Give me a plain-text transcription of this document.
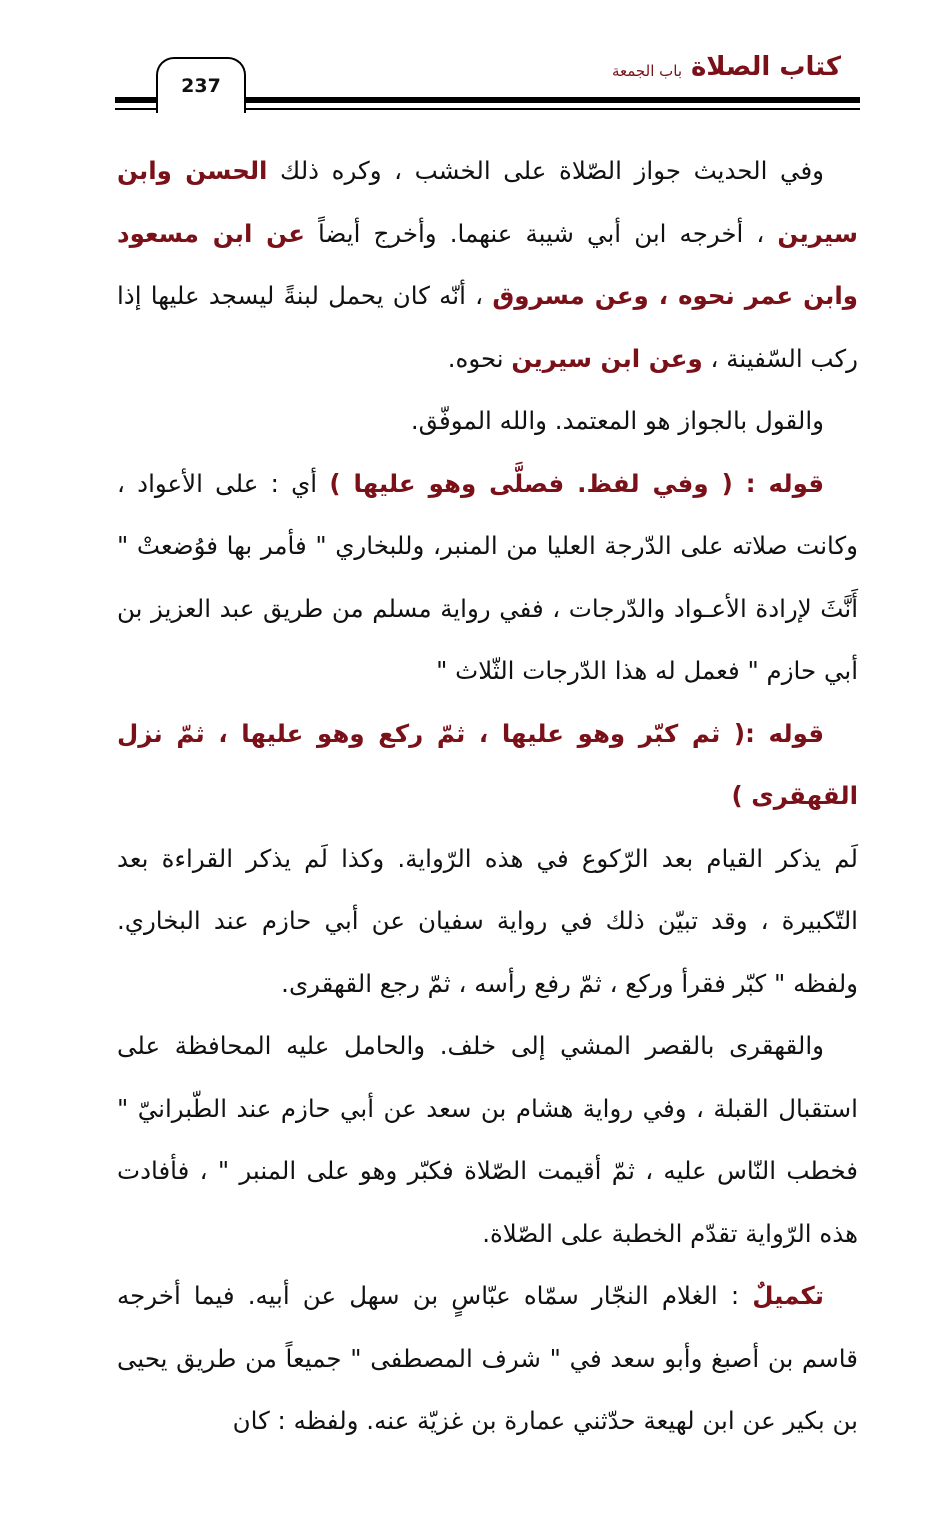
237
كتاب الصلاة
باب الجمعة

وفي الحديث جواز الصّلاة على الخشب ، وكره ذلك الحسن وابن سيرين ، أخرجه ابن أبي شيبة عنهما. وأخرج أيضاً عن ابن مسعود وابن عمر نحوه ، وعن مسروق ، أنّه كان يحمل لبنةً ليسجد عليها إذا ركب السّفينة ، وعن ابن سيرين نحوه.

والقول بالجواز هو المعتمد. والله الموفّق.

قوله : ( وفي لفظ. فصلَّى وهو عليها ) أي : على الأعواد ، وكانت صلاته على الدّرجة العليا من المنبر، وللبخاري " فأمر بها فوُضعتْ " أَنَّثَ لإرادة الأعـواد والدّرجات ، ففي رواية مسلم من طريق عبد العزيز بن أبي حازم " فعمل له هذا الدّرجات الثّلاث "

قوله :( ثم كبّر وهو عليها ، ثمّ ركع وهو عليها ، ثمّ نزل القهقرى )

لَم يذكر القيام بعد الرّكوع في هذه الرّواية. وكذا لَم يذكر القراءة بعد التّكبيرة ، وقد تبيّن ذلك في رواية سفيان عن أبي حازم عند البخاري. ولفظه " كبّر فقرأ وركع ، ثمّ رفع رأسه ، ثمّ رجع القهقرى.

والقهقرى بالقصر المشي إلى خلف. والحامل عليه المحافظة على استقبال القبلة ، وفي رواية هشام بن سعد عن أبي حازم عند الطّبرانيّ " فخطب النّاس عليه ، ثمّ أقيمت الصّلاة فكبّر وهو على المنبر " ، فأفادت هذه الرّواية تقدّم الخطبة على الصّلاة.

تكميلٌ : الغلام النجّار سمّاه عبّاسٍ بن سهل عن أبيه. فيما أخرجه قاسم بن أصبغ وأبو سعد في " شرف المصطفى " جميعاً من طريق يحيى بن بكير عن ابن لهيعة حدّثني عمارة بن غزيّة عنه. ولفظه : كان
